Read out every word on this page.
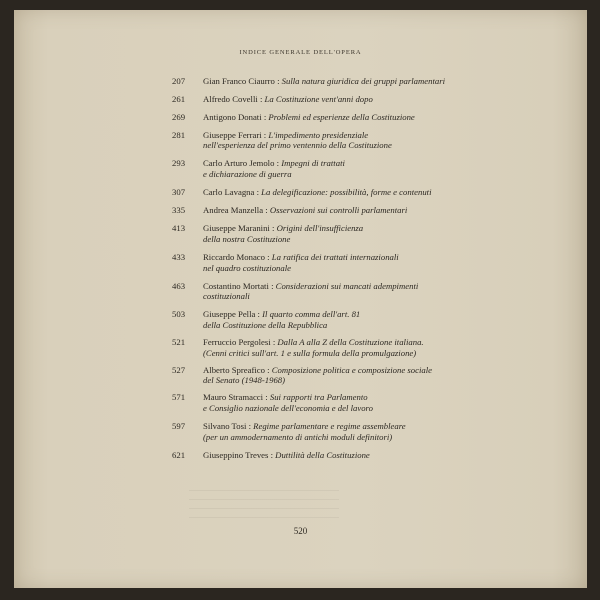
INDICE GENERALE DELL'OPERA
207	Gian Franco Ciaurro : Sulla natura giuridica dei gruppi parlamentari
261	Alfredo Covelli : La Costituzione vent'anni dopo
269	Antigono Donati : Problemi ed esperienze della Costituzione
281	Giuseppe Ferrari : L'impedimento presidenziale
nell'esperienza del primo ventennio della Costituzione
293	Carlo Arturo Jemolo : Impegni di trattati
e dichiarazione di guerra
307	Carlo Lavagna : La delegificazione: possibilità, forme e contenuti
335	Andrea Manzella : Osservazioni sui controlli parlamentari
413	Giuseppe Maranini : Origini dell'insufficienza
della nostra Costituzione
433	Riccardo Monaco : La ratifica dei trattati internazionali
nel quadro costituzionale
463	Costantino Mortati : Considerazioni sui mancati adempimenti
costituzionali
503	Giuseppe Pella : Il quarto comma dell'art. 81
della Costituzione della Repubblica
521	Ferruccio Pergolesi : Dalla A alla Z della Costituzione italiana.
(Cenni critici sull'art. 1 e sulla formula della promulgazione)
527	Alberto Spreafico : Composizione politica e composizione sociale
del Senato (1948-1968)
571	Mauro Stramacci : Sui rapporti tra Parlamento
e Consiglio nazionale dell'economia e del lavoro
597	Silvano Tosi : Regime parlamentare e regime assembleare
(per un ammodernamento di antichi moduli definitori)
621	Giuseppino Treves : Duttilità della Costituzione
520
